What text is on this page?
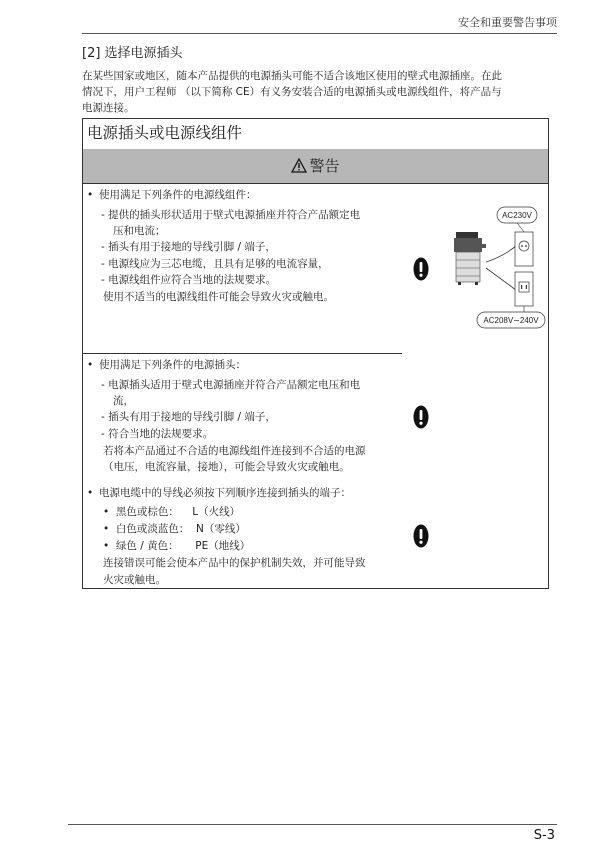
安全和重要警告事项
[2] 选择电源插头
在某些国家或地区，随本产品提供的电源插头可能不适合该地区使用的壁式电源插座。在此
情况下，用户工程师 （以下简称 CE）有义务安装合适的电源插头或电源线组件，将产品与
电源连接。
电源插头或电源线组件
警告
• 使用满足下列条件的电源线组件：
- 提供的插头形状适用于壁式电源插座并符合产品额定电
压和电流；
- 插头有用于接地的导线引脚 / 端子，
- 电源线应为三芯电缆，且具有足够的电流容量，
- 电源线组件应符合当地的法规要求。
使用不适当的电源线组件可能会导致火灾或触电。
• 使用满足下列条件的电源插头：
- 电源插头适用于壁式电源插座并符合产品额定电压和电
流，
- 插头有用于接地的导线引脚 / 端子，
- 符合当地的法规要求。
若将本产品通过不合适的电源线组件连接到不合适的电源
（电压，电流容量，接地），可能会导致火灾或触电。
• 电源电缆中的导线必须按下列顺序连接到插头的端子：
•  黑色或棕色：    L（火线）
•  白色或淡蓝色：  N（零线）
•  绿色 / 黄色：     PE（地线）
连接错误可能会使本产品中的保护机制失效，并可能导致
火灾或触电。
AC230V
AC208V∼240V
S-3
